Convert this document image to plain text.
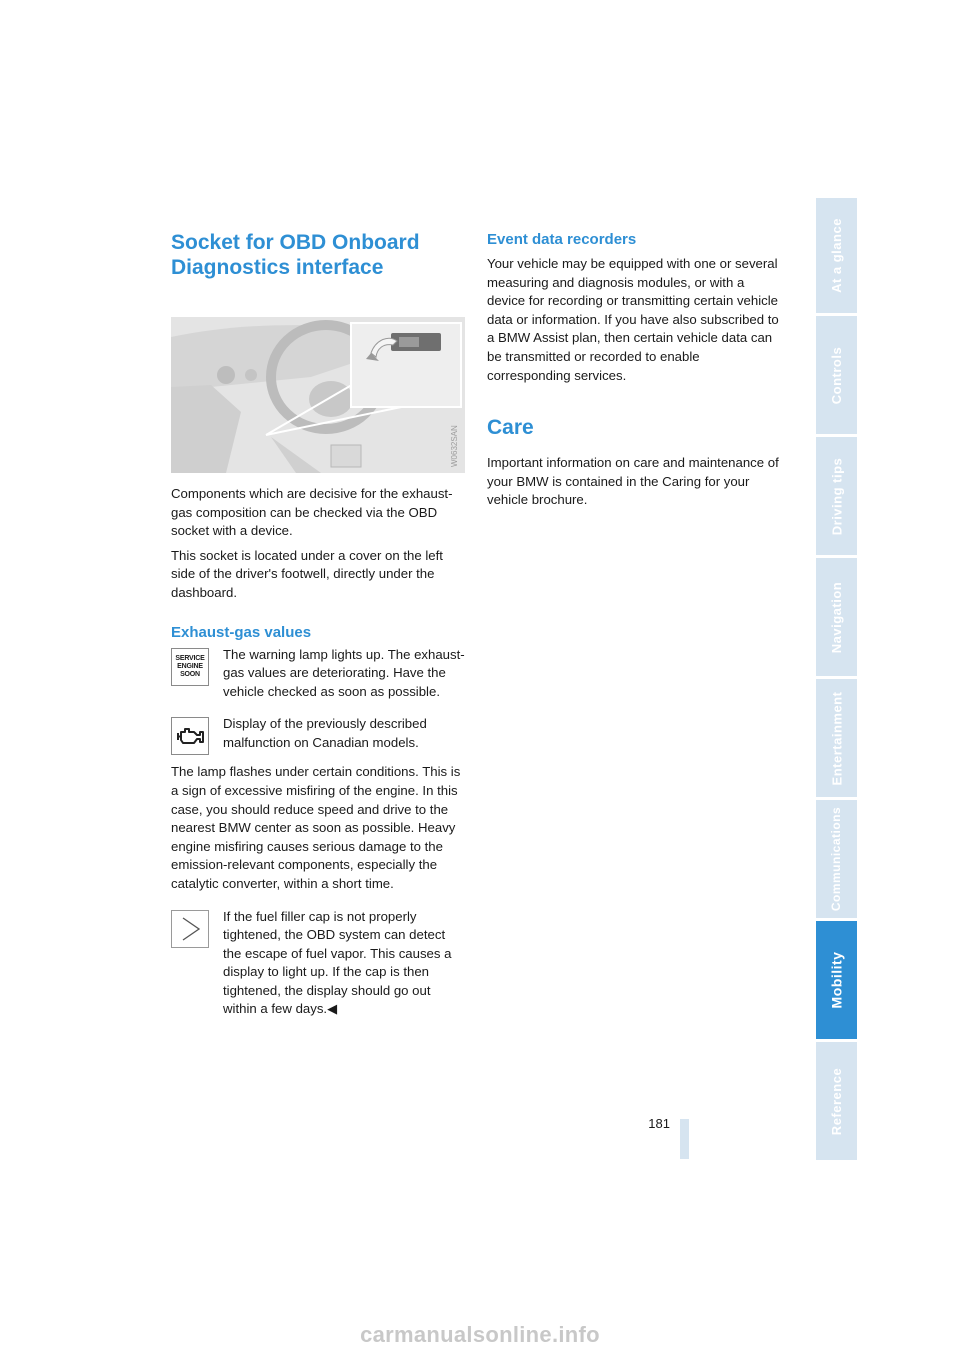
Socket for OBD Onboard
Diagnostics interface
W0632SAN

Components which are decisive for the exhaust-gas composition can be checked via the OBD socket with a device.

This socket is located under a cover on the left side of the driver's footwell, directly under the dashboard.

Exhaust-gas values
SERVICE
ENGINE
SOON

The warning lamp lights up. The exhaust-gas values are deteriorating. Have the vehicle checked as soon as possible.

Display of the previously described malfunction on Canadian models.

The lamp flashes under certain conditions. This is a sign of excessive misfiring of the engine. In this case, you should reduce speed and drive to the nearest BMW center as soon as possible. Heavy engine misfiring causes serious damage to the emission-relevant components, especially the catalytic converter, within a short time.

If the fuel filler cap is not properly tightened, the OBD system can detect the escape of fuel vapor. This causes a display to light up. If the cap is then tightened, the display should go out within a few days.◀

Event data recorders

Your vehicle may be equipped with one or several measuring and diagnosis modules, or with a device for recording or transmitting certain vehicle data or information. If you have also subscribed to a BMW Assist plan, then certain vehicle data can be transmitted or recorded to enable corresponding services.

Care

Important information on care and maintenance of your BMW is contained in the Caring for your vehicle brochure.

At a glance
Controls
Driving tips
Navigation
Entertainment
Communications
Mobility
Reference
181
carmanualsonline.info
